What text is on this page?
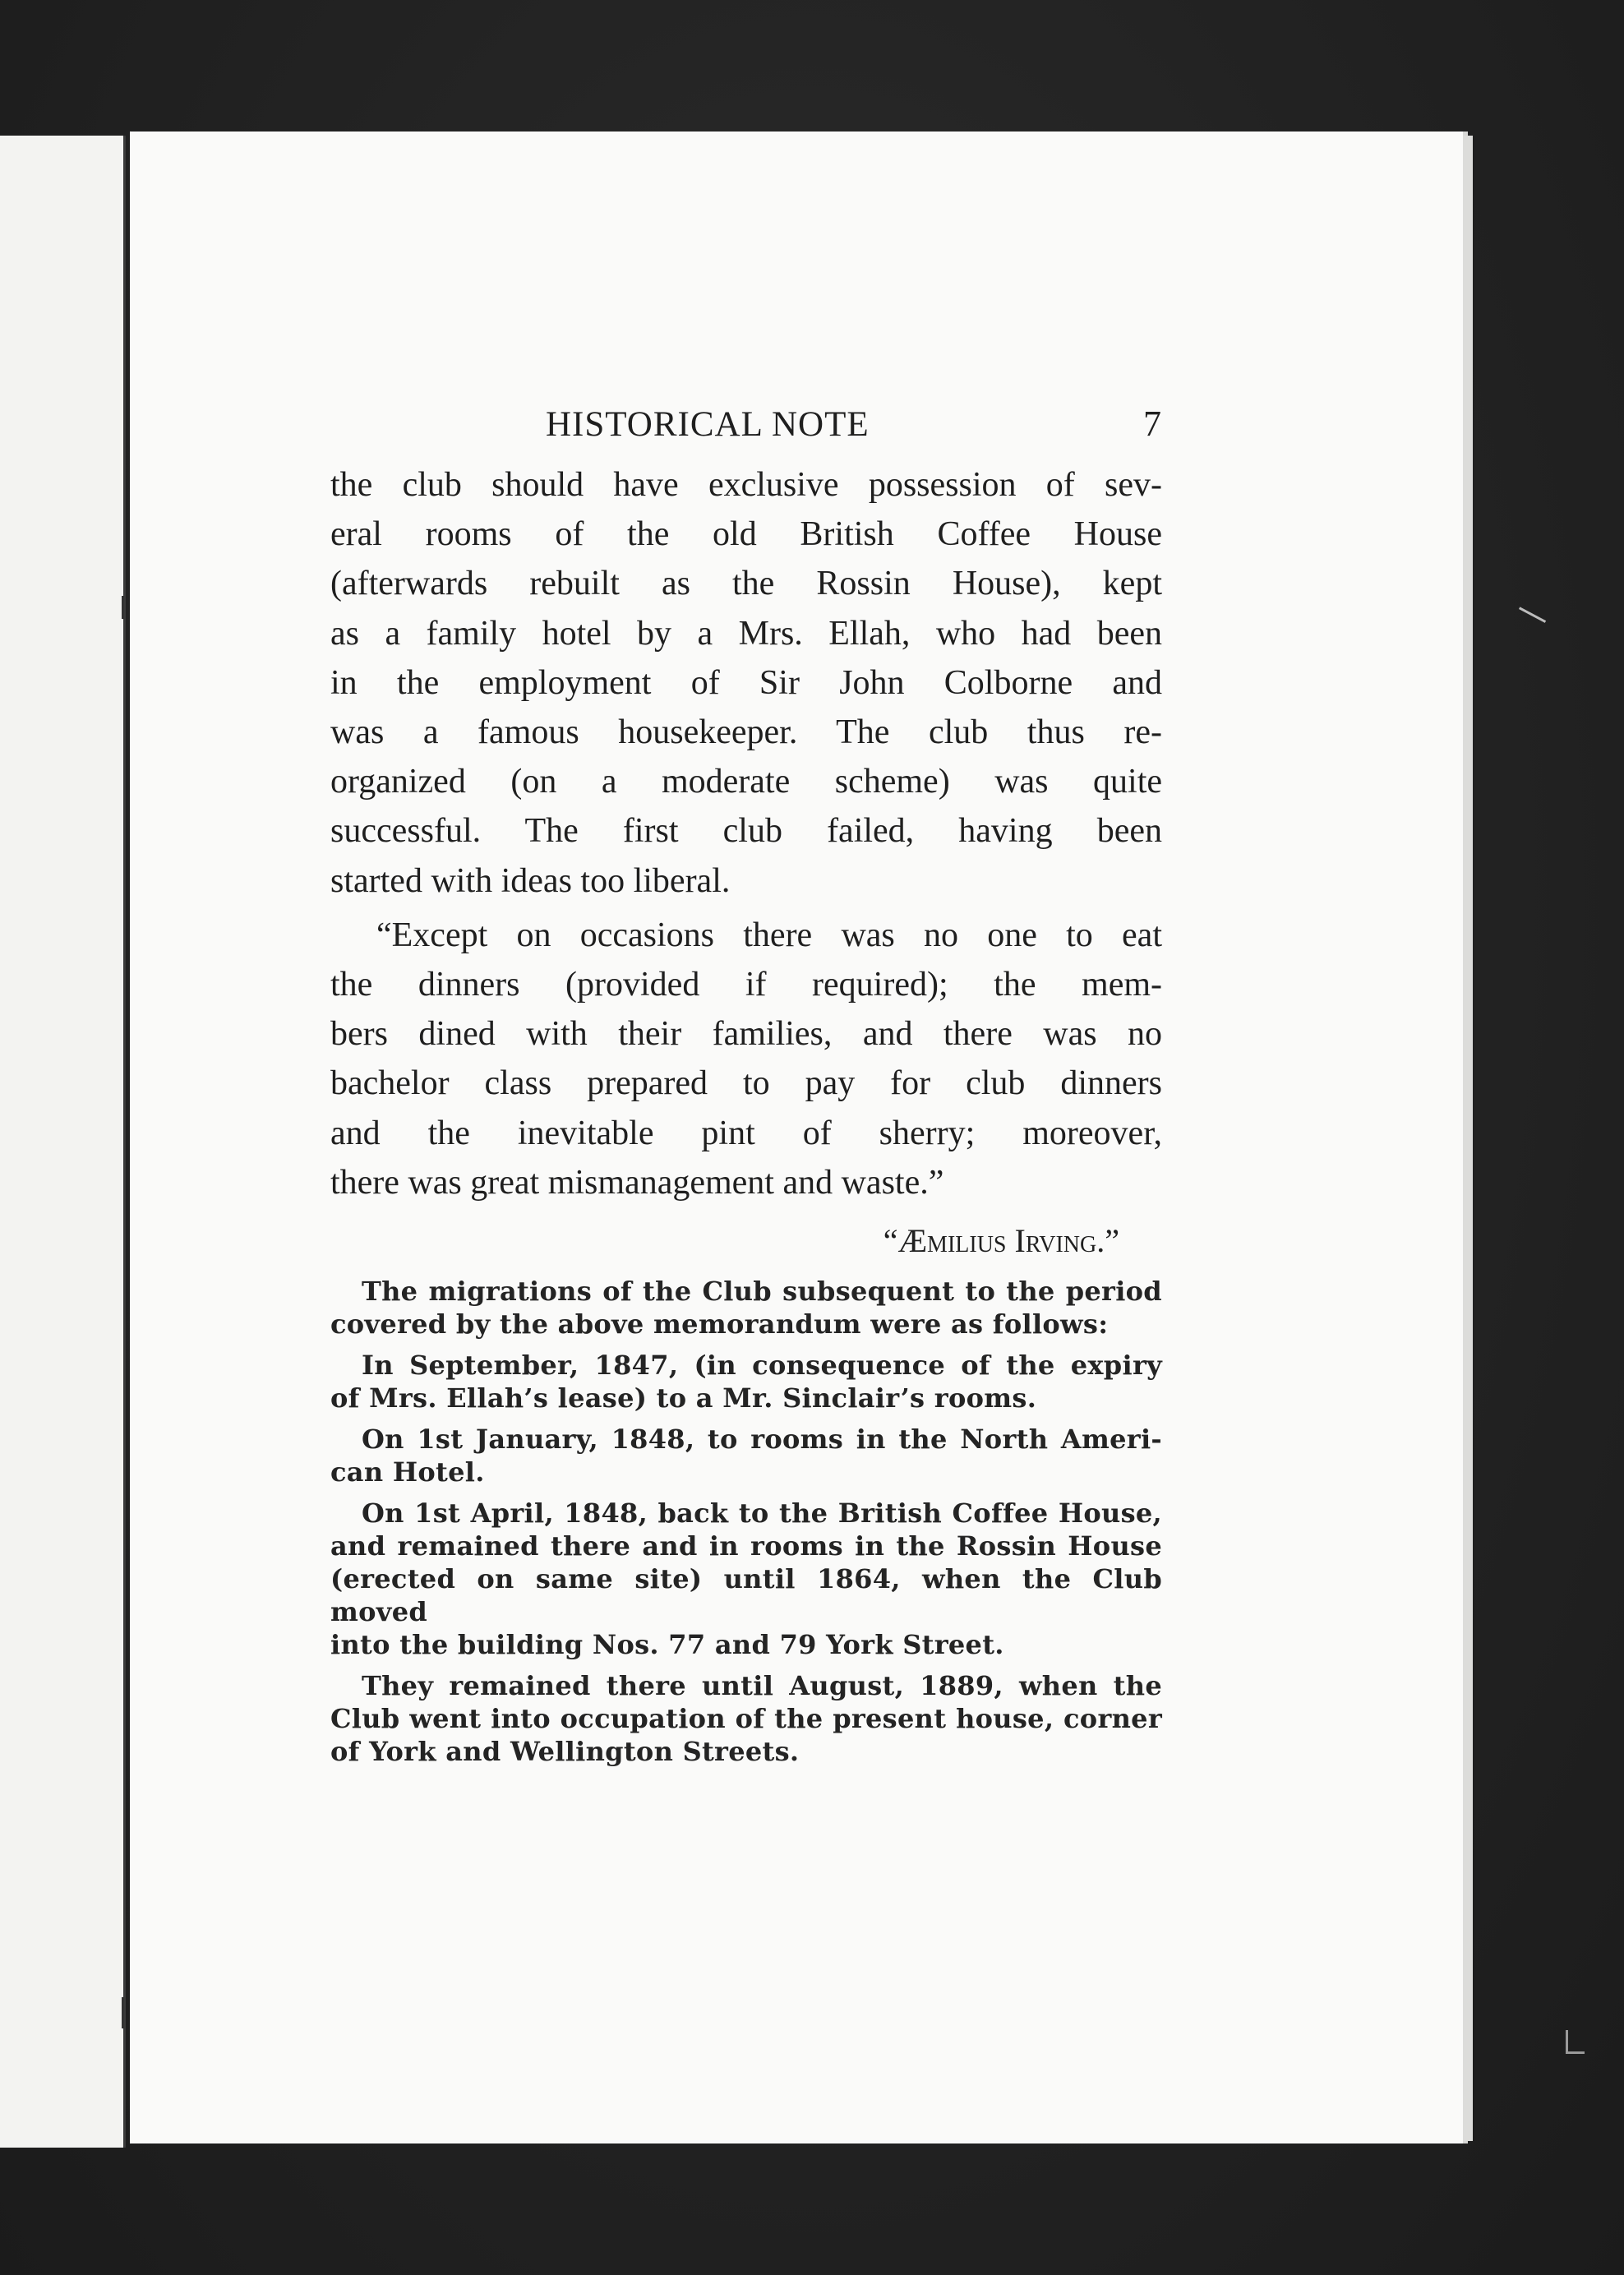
HISTORICAL NOTE	7

the club should have exclusive possession of sev-
eral rooms of the old British Coffee House
(afterwards rebuilt as the Rossin House), kept
as a family hotel by a Mrs. Ellah, who had been
in the employment of Sir John Colborne and
was a famous housekeeper. The club thus re-
organized (on a moderate scheme) was quite
successful. The first club failed, having been
started with ideas too liberal.

“Except on occasions there was no one to eat
the dinners (provided if required); the mem-
bers dined with their families, and there was no
bachelor class prepared to pay for club dinners
and the inevitable pint of sherry; moreover,
there was great mismanagement and waste.”

“Æmilius Irving.”

The migrations of the Club subsequent to the period
covered by the above memorandum were as follows:

In September, 1847, (in consequence of the expiry
of Mrs. Ellah’s lease) to a Mr. Sinclair’s rooms.

On 1st January, 1848, to rooms in the North Ameri-
can Hotel.

On 1st April, 1848, back to the British Coffee House,
and remained there and in rooms in the Rossin House
(erected on same site) until 1864, when the Club moved
into the building Nos. 77 and 79 York Street.

They remained there until August, 1889, when the
Club went into occupation of the present house, corner
of York and Wellington Streets.
